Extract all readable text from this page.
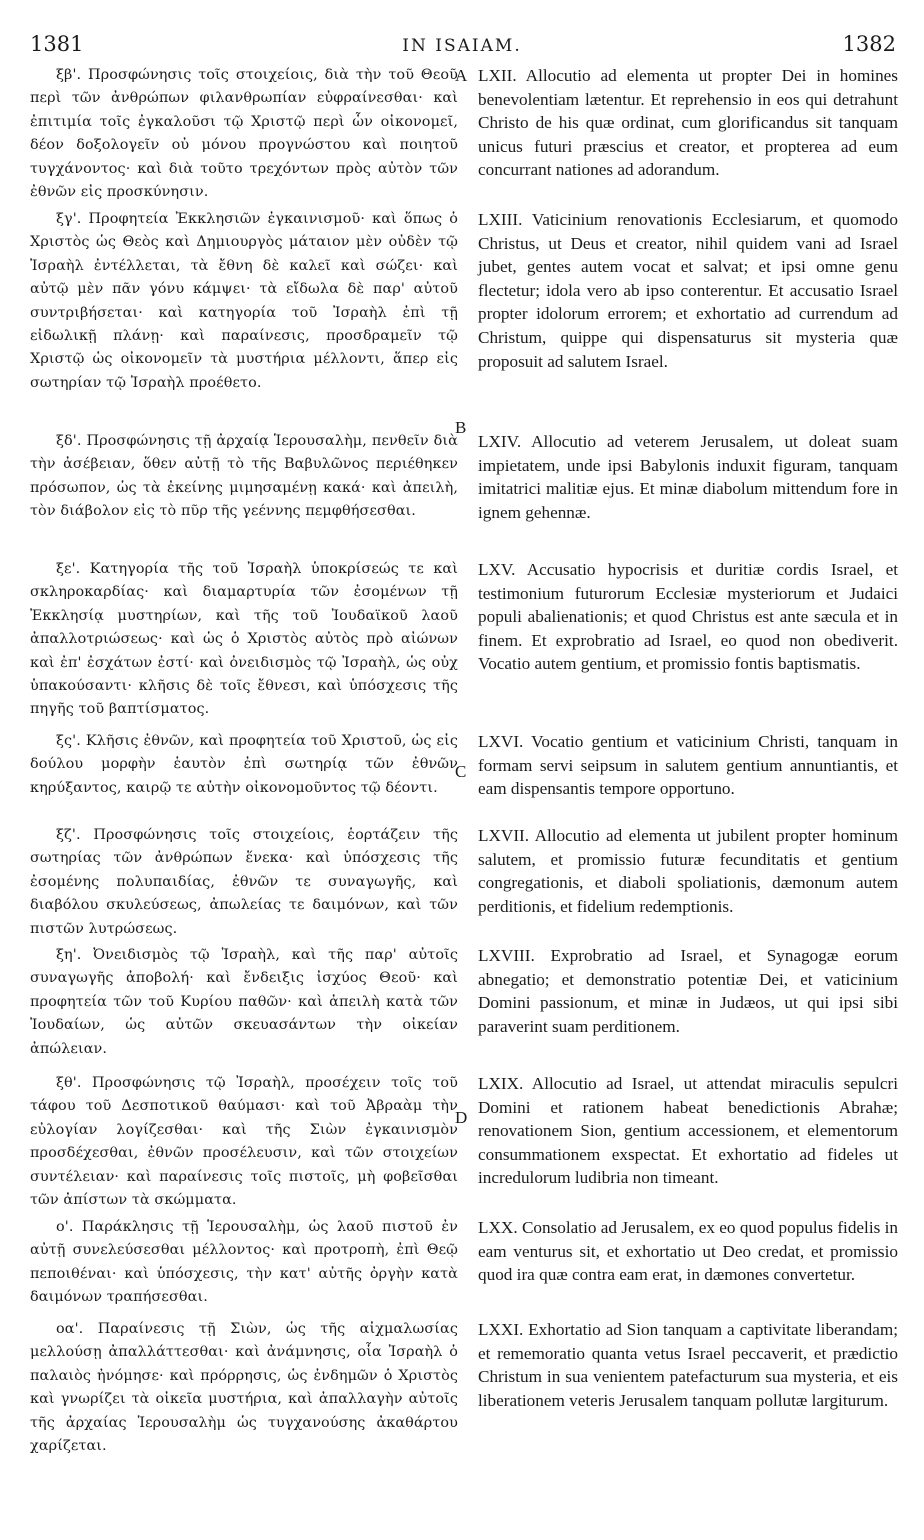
1381	IN ISAIAM.	1382
A
B
C
D

ξβ'. Προσφώνησις τοῖς στοιχείοις, διὰ τὴν τοῦ Θεοῦ περὶ τῶν ἀνθρώπων φιλανθρωπίαν εὐφραίνεσθαι· καὶ ἐπιτιμία τοῖς ἐγκαλοῦσι τῷ Χριστῷ περὶ ὧν οἰκονομεῖ, δέον δοξολογεῖν οὐ μόνου προγνώστου καὶ ποιητοῦ τυγχάνοντος· καὶ διὰ τοῦτο τρεχόντων πρὸς αὐτὸν τῶν ἐθνῶν εἰς προσκύνησιν.

ξγ'. Προφητεία Ἐκκλησιῶν ἐγκαινισμοῦ· καὶ ὅπως ὁ Χριστὸς ὡς Θεὸς καὶ Δημιουργὸς μάταιον μὲν οὐδὲν τῷ Ἰσραὴλ ἐντέλλεται, τὰ ἔθνη δὲ καλεῖ καὶ σώζει· καὶ αὐτῷ μὲν πᾶν γόνυ κάμψει· τὰ εἴδωλα δὲ παρ' αὐτοῦ συντριβήσεται· καὶ κατηγορία τοῦ Ἰσραὴλ ἐπὶ τῇ εἰδωλικῇ πλάνῃ· καὶ παραίνεσις, προσδραμεῖν τῷ Χριστῷ ὡς οἰκονομεῖν τὰ μυστήρια μέλλοντι, ἅπερ εἰς σωτηρίαν τῷ Ἰσραὴλ προέθετο.

ξδ'. Προσφώνησις τῇ ἀρχαίᾳ Ἱερουσαλὴμ, πενθεῖν διὰ τὴν ἀσέβειαν, ὅθεν αὐτῇ τὸ τῆς Βαβυλῶνος περιέθηκεν πρόσωπον, ὡς τὰ ἐκείνης μιμησαμένῃ κακά· καὶ ἀπειλὴ, τὸν διάβολον εἰς τὸ πῦρ τῆς γεέννης πεμφθήσεσθαι.

ξε'. Κατηγορία τῆς τοῦ Ἰσραὴλ ὑποκρίσεώς τε καὶ σκληροκαρδίας· καὶ διαμαρτυρία τῶν ἐσομένων τῇ Ἐκκλησίᾳ μυστηρίων, καὶ τῆς τοῦ Ἰουδαϊκοῦ λαοῦ ἀπαλλοτριώσεως· καὶ ὡς ὁ Χριστὸς αὐτὸς πρὸ αἰώνων καὶ ἐπ' ἐσχάτων ἐστί· καὶ ὀνειδισμὸς τῷ Ἰσραὴλ, ὡς οὐχ ὑπακούσαντι· κλῆσις δὲ τοῖς ἔθνεσι, καὶ ὑπόσχεσις τῆς πηγῆς τοῦ βαπτίσματος.

ξς'. Κλῆσις ἐθνῶν, καὶ προφητεία τοῦ Χριστοῦ, ὡς εἰς δούλου μορφὴν ἑαυτὸν ἐπὶ σωτηρίᾳ τῶν ἐθνῶν κηρύξαντος, καιρῷ τε αὐτὴν οἰκονομοῦντος τῷ δέοντι.

ξζ'. Προσφώνησις τοῖς στοιχείοις, ἑορτάζειν τῆς σωτηρίας τῶν ἀνθρώπων ἕνεκα· καὶ ὑπόσχεσις τῆς ἐσομένης πολυπαιδίας, ἐθνῶν τε συναγωγῆς, καὶ διαβόλου σκυλεύσεως, ἀπωλείας τε δαιμόνων, καὶ τῶν πιστῶν λυτρώσεως.

ξη'. Ὀνειδισμὸς τῷ Ἰσραὴλ, καὶ τῆς παρ' αὐτοῖς συναγωγῆς ἀποβολή· καὶ ἔνδειξις ἰσχύος Θεοῦ· καὶ προφητεία τῶν τοῦ Κυρίου παθῶν· καὶ ἀπειλὴ κατὰ τῶν Ἰουδαίων, ὡς αὐτῶν σκευασάντων τὴν οἰκείαν ἀπώλειαν.

ξθ'. Προσφώνησις τῷ Ἰσραὴλ, προσέχειν τοῖς τοῦ τάφου τοῦ Δεσποτικοῦ θαύμασι· καὶ τοῦ Ἀβραὰμ τὴν εὐλογίαν λογίζεσθαι· καὶ τῆς Σιὼν ἐγκαινισμὸν προσδέχεσθαι, ἐθνῶν προσέλευσιν, καὶ τῶν στοιχείων συντέλειαν· καὶ παραίνεσις τοῖς πιστοῖς, μὴ φοβεῖσθαι τῶν ἀπίστων τὰ σκώμματα.

ο'. Παράκλησις τῇ Ἱερουσαλὴμ, ὡς λαοῦ πιστοῦ ἐν αὐτῇ συνελεύσεσθαι μέλλοντος· καὶ προτροπὴ, ἐπὶ Θεῷ πεποιθέναι· καὶ ὑπόσχεσις, τὴν κατ' αὐτῆς ὀργὴν κατὰ δαιμόνων τραπήσεσθαι.

οα'. Παραίνεσις τῇ Σιὼν, ὡς τῆς αἰχμαλωσίας μελλούσῃ ἀπαλλάττεσθαι· καὶ ἀνάμνησις, οἷα Ἰσραὴλ ὁ παλαιὸς ἠνόμησε· καὶ πρόρρησις, ὡς ἐνδημῶν ὁ Χριστὸς καὶ γνωρίζει τὰ οἰκεῖα μυστήρια, καὶ ἀπαλλαγὴν αὐτοῖς τῆς ἀρχαίας Ἱερουσαλὴμ ὡς τυγχανούσης ἀκαθάρτου χαρίζεται.

LXII. Allocutio ad elementa ut propter Dei in homines benevolentiam lætentur. Et reprehensio in eos qui detrahunt Christo de his quæ ordinat, cum glorificandus sit tanquam unicus futuri præscius et creator, et propterea ad eum concurrant nationes ad adorandum.

LXIII. Vaticinium renovationis Ecclesiarum, et quomodo Christus, ut Deus et creator, nihil quidem vani ad Israel jubet, gentes autem vocat et salvat; et ipsi omne genu flectetur; idola vero ab ipso conterentur. Et accusatio Israel propter idolorum errorem; et exhortatio ad currendum ad Christum, quippe qui dispensaturus sit mysteria quæ proposuit ad salutem Israel.

LXIV. Allocutio ad veterem Jerusalem, ut doleat suam impietatem, unde ipsi Babylonis induxit figuram, tanquam imitatrici malitiæ ejus. Et minæ diabolum mittendum fore in ignem gehennæ.

LXV. Accusatio hypocrisis et duritiæ cordis Israel, et testimonium futurorum Ecclesiæ mysteriorum et Judaici populi abalienationis; et quod Christus est ante sæcula et in finem. Et exprobratio ad Israel, eo quod non obediverit. Vocatio autem gentium, et promissio fontis baptismatis.

LXVI. Vocatio gentium et vaticinium Christi, tanquam in formam servi seipsum in salutem gentium annuntiantis, et eam dispensantis tempore opportuno.

LXVII. Allocutio ad elementa ut jubilent propter hominum salutem, et promissio futuræ fecunditatis et gentium congregationis, et diaboli spoliationis, dæmonum autem perditionis, et fidelium redemptionis.

LXVIII. Exprobratio ad Israel, et Synagogæ eorum abnegatio; et demonstratio potentiæ Dei, et vaticinium Domini passionum, et minæ in Judæos, ut qui ipsi sibi paraverint suam perditionem.

LXIX. Allocutio ad Israel, ut attendat miraculis sepulcri Domini et rationem habeat benedictionis Abrahæ; renovationem Sion, gentium accessionem, et elementorum consummationem exspectat. Et exhortatio ad fideles ut incredulorum ludibria non timeant.

LXX. Consolatio ad Jerusalem, ex eo quod populus fidelis in eam venturus sit, et exhortatio ut Deo credat, et promissio quod ira quæ contra eam erat, in dæmones convertetur.

LXXI. Exhortatio ad Sion tanquam a captivitate liberandam; et rememoratio quanta vetus Israel peccaverit, et prædictio Christum in sua venientem patefacturum sua mysteria, et eis liberationem veteris Jerusalem tanquam pollutæ largiturum.
